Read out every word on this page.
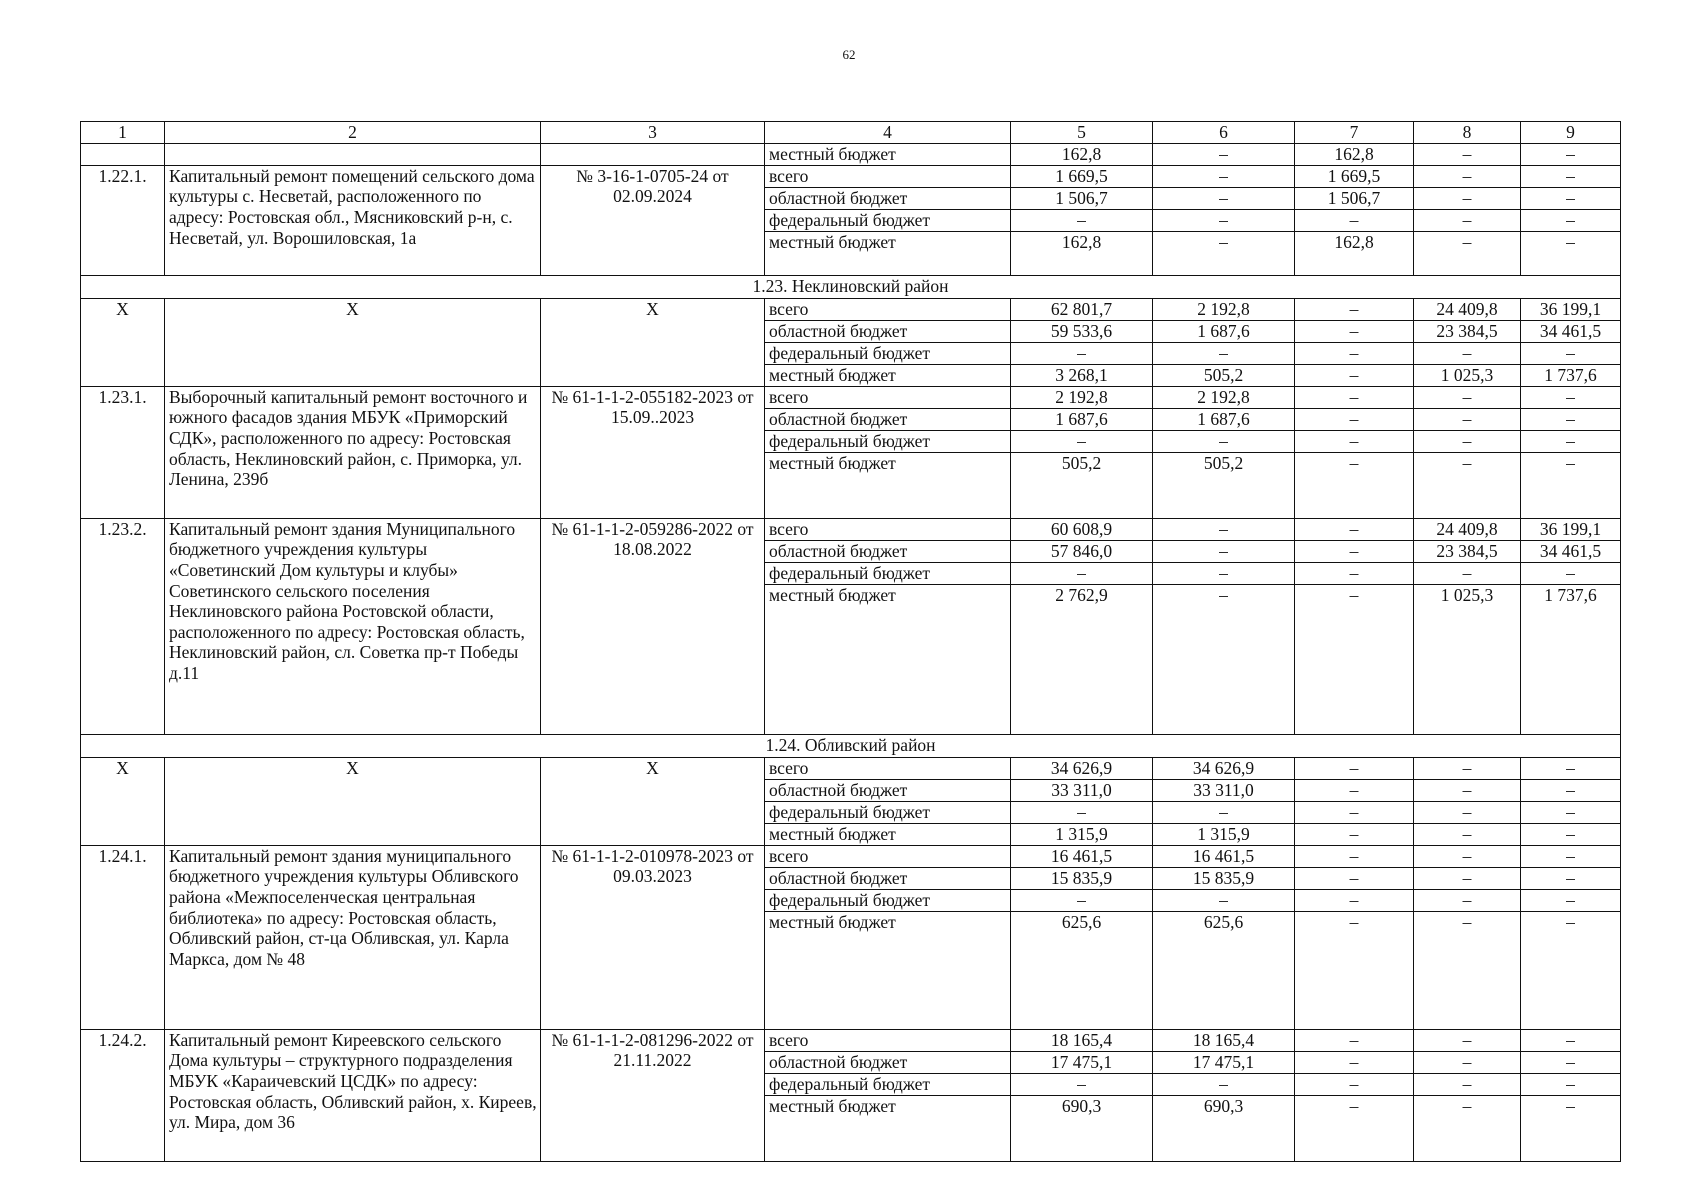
62
1	2	3	4	5	6	7	8	9
			местный бюджет	162,8	–	162,8	–	–
1.22.1.	Капитальный ремонт помещений сельского дома культуры с. Несветай, расположенного по адресу: Ростовская обл., Мясниковский р-н, с. Несветай, ул. Ворошиловская, 1а	№ 3-16-1-0705-24 от 02.09.2024	всего	1 669,5	–	1 669,5	–	–
			областной бюджет	1 506,7	–	1 506,7	–	–
			федеральный бюджет	–	–	–	–	–
			местный бюджет	162,8	–	162,8	–	–
1.23. Неклиновский район								
Х	Х	Х	всего	62 801,7	2 192,8	–	24 409,8	36 199,1
			областной бюджет	59 533,6	1 687,6	–	23 384,5	34 461,5
			федеральный бюджет	–	–	–	–	–
			местный бюджет	3 268,1	505,2	–	1 025,3	1 737,6
1.23.1.	Выборочный капитальный ремонт восточного и южного фасадов здания МБУК «Приморский СДК», расположенного по адресу: Ростовская область, Неклиновский район, с. Приморка, ул. Ленина, 239б	№ 61-1-1-2-055182-2023 от 15.09..2023	всего	2 192,8	2 192,8	–	–	–
			областной бюджет	1 687,6	1 687,6	–	–	–
			федеральный бюджет	–	–	–	–	–
			местный бюджет	505,2	505,2	–	–	–
1.23.2.	Капитальный ремонт здания Муниципального бюджетного учреждения культуры «Советинский Дом культуры и клубы» Советинского сельского поселения Неклиновского района Ростовской области, расположенного по адресу: Ростовская область, Неклиновский район, сл. Советка пр-т Победы д.11	№ 61-1-1-2-059286-2022 от 18.08.2022	всего	60 608,9	–	–	24 409,8	36 199,1
			областной бюджет	57 846,0	–	–	23 384,5	34 461,5
			федеральный бюджет	–	–	–	–	–
			местный бюджет	2 762,9	–	–	1 025,3	1 737,6
1.24. Обливский район								
Х	Х	Х	всего	34 626,9	34 626,9	–	–	–
			областной бюджет	33 311,0	33 311,0	–	–	–
			федеральный бюджет	–	–	–	–	–
			местный бюджет	1 315,9	1 315,9	–	–	–
1.24.1.	Капитальный ремонт здания муниципального бюджетного учреждения культуры Обливского района «Межпоселенческая центральная библиотека» по адресу: Ростовская область, Обливский район, ст-ца Обливская, ул. Карла Маркса, дом № 48	№ 61-1-1-2-010978-2023 от 09.03.2023	всего	16 461,5	16 461,5	–	–	–
			областной бюджет	15 835,9	15 835,9	–	–	–
			федеральный бюджет	–	–	–	–	–
			местный бюджет	625,6	625,6	–	–	–
1.24.2.	Капитальный ремонт Киреевского сельского Дома культуры – структурного подразделения МБУК «Караичевский ЦСДК» по адресу: Ростовская область, Обливский район, х. Киреев, ул. Мира, дом 36	№ 61-1-1-2-081296-2022 от 21.11.2022	всего	18 165,4	18 165,4	–	–	–
			областной бюджет	17 475,1	17 475,1	–	–	–
			федеральный бюджет	–	–	–	–	–
			местный бюджет	690,3	690,3	–	–	–
